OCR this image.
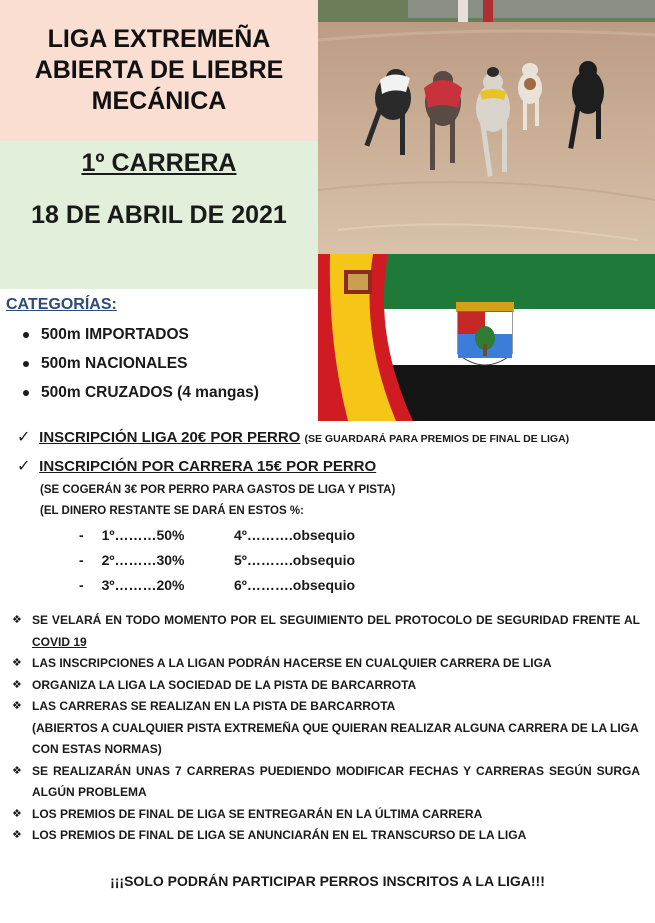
LIGA EXTREMEÑA
ABIERTA DE LIEBRE
MECÁNICA
1º CARRERA
18 DE ABRIL DE 2021
CATEGORÍAS:
500m IMPORTADOS
500m NACIONALES
500m CRUZADOS (4 mangas)
✓ INSCRIPCIÓN LIGA 20€ POR PERRO (SE GUARDARÁ PARA PREMIOS DE FINAL DE LIGA)
✓ INSCRIPCIÓN POR CARRERA 15€ POR PERRO
(SE COGERÁN 3€ POR PERRO PARA GASTOS DE LIGA Y PISTA)
(EL DINERO RESTANTE SE DARÁ EN ESTOS %:
- 1º………50%
- 2º………30%
- 3º………20%
4º……….obsequio
5º……….obsequio
6º……….obsequio
❖ SE VELARÁ EN TODO MOMENTO POR EL SEGUIMIENTO DEL PROTOCOLO DE SEGURIDAD FRENTE AL COVID 19
❖ LAS INSCRIPCIONES A LA LIGAN PODRÁN HACERSE EN CUALQUIER CARRERA DE LIGA
❖ ORGANIZA LA LIGA LA SOCIEDAD DE LA PISTA DE BARCARROTA
❖ LAS CARRERAS SE REALIZAN EN LA PISTA DE BARCARROTA
(ABIERTOS A CUALQUIER PISTA EXTREMEÑA QUE QUIERAN REALIZAR ALGUNA CARRERA DE LA LIGA CON ESTAS NORMAS)
❖ SE REALIZARÁN UNAS 7 CARRERAS PUEDIENDO MODIFICAR FECHAS Y CARRERAS SEGÚN SURGA ALGÚN PROBLEMA
❖ LOS PREMIOS DE FINAL DE LIGA SE ENTREGARÁN EN LA ÚLTIMA CARRERA
❖ LOS PREMIOS DE FINAL DE LIGA SE ANUNCIARÁN EN EL TRANSCURSO DE LA LIGA
¡¡¡SOLO PODRÁN PARTICIPAR PERROS INSCRITOS A LA LIGA!!!
